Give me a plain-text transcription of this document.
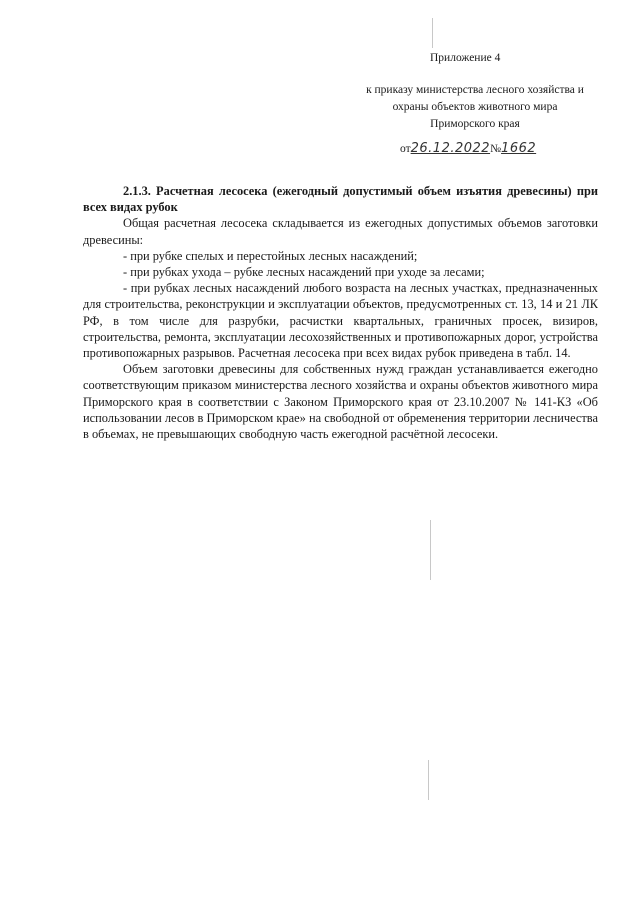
Приложение 4
к приказу министерства лесного хозяйства и
охраны объектов животного мира
Приморского края
от26.12.2022№1662

2.1.3. Расчетная лесосека (ежегодный допустимый объем изъятия древесины) при всех видах рубок

Общая расчетная лесосека складывается из ежегодных допустимых объемов заготовки древесины:

- при рубке спелых и перестойных лесных насаждений;

- при рубках ухода – рубке лесных насаждений при уходе за лесами;

- при рубках лесных насаждений любого возраста на лесных участках, предназначенных для строительства, реконструкции и эксплуатации объектов, предусмотренных ст. 13, 14 и 21 ЛК РФ, в том числе для разрубки, расчистки квартальных, граничных просек, визиров, строительства, ремонта, эксплуатации лесохозяйственных и противопожарных дорог, устройства противопожарных разрывов. Расчетная лесосека при всех видах рубок приведена в табл. 14.

Объем заготовки древесины для собственных нужд граждан устанавливается ежегодно соответствующим приказом министерства лесного хозяйства и охраны объектов животного мира Приморского края в соответствии с Законом Приморского края от 23.10.2007 № 141-КЗ «Об использовании лесов в Приморском крае» на свободной от обременения территории лесничества в объемах, не превышающих свободную часть ежегодной расчётной лесосеки.
